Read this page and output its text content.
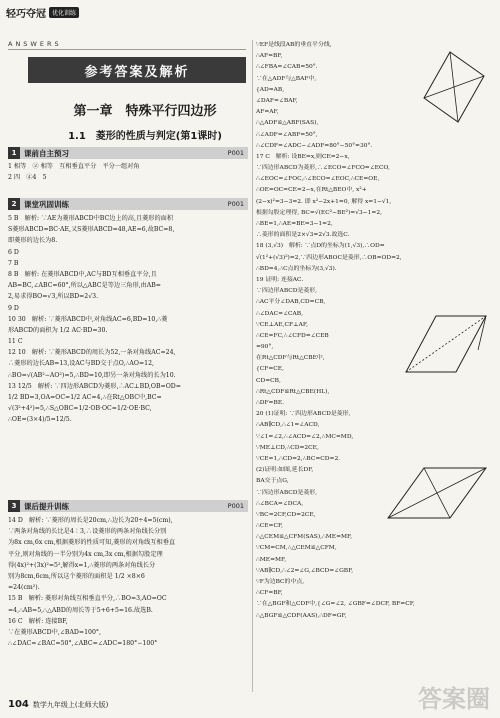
轻巧夺冠	优化训练
ANSWERS
参考答案及解析
第一章　特殊平行四边形
1.1　菱形的性质与判定(第1课时)
1	课前自主预习	P001
1 相等　② 相等　互相垂直平分　平分一组对角
2 四　④4　5
2	课堂巩固训练	P001
5 B　解析: ∵AE为菱形ABCD中BC边上的高,且菱形的面积
S菱形ABCD=BC·AE,又S菱形ABCD=48,AE=6,故BC=8,
即菱形的边长为8.
6 D
7 B
8 B　解析: 在菱形ABCD中,AC与BD互相垂直平分,且
AB=BC,∠ABC=60°,所以△ABC是等边三角形,由AB=
2,易求得BO=√3,所以BD=2√3.
9 D
10 30　解析: ∵菱形ABCD中,对角线AC=6,BD=10,∴菱
形ABCD的面积为 1/2 AC·BD=30.
11 C
12 10　解析: ∵菱形ABCD的周长为52,一条对角线AC=24,
∴菱形的边长AB=13,设AC与BD交于点O,∴AO=12,
∴BO=√(AB²−AO²)=5,∴BD=10,即另一条对角线的长为10.
13 12/5　解析: ∵四边形ABCD为菱形,∴AC⊥BD,OB=OD=
1/2 BD=3,OA=OC=1/2 AC=4,∴在Rt△OBC中,BC=
√(3²+4²)=5,∴S△OBC=1/2·OB·OC=1/2·OE·BC,
∴OE=(3×4)/5=12/5.
3	课后提升训练	P001
14 D　解析: ∵菱形的周长是20cm,∴边长为20÷4=5(cm),
∵两条对角线的长比是4∶3,∴设菱形的两条对角线长分别
为8x cm,6x cm,根据菱形的性质可知,菱形的对角线互相垂直
平分,则对角线的一半分别为4x cm,3x cm,根据勾股定理
得(4x)²+(3x)²=5²,解得x=1,∴菱形的两条对角线长分
别为8cm,6cm,所以这个菱形的面积是 1/2 ×8×6
=24(cm²).
15 B　解析: 菱形对角线互相垂直平分,∴BO=3,AO=OC
=4,∴AB=5,∴△ABD的周长等于5+6+5=16.故选B.
16 C　解析: 连接BF,
∵在菱形ABCD中,∠BAD=100°,
∴∠DAC=∠BAC=50°,∠ABC=∠ADC=180°−100°
∵EF是线段AB的垂直平分线,
∴AF=BF,
∴∠FBA=∠CAB=50°.
∵在△ADF与△BAF中,
{AD=AB,
∠DAF=∠BAF,
AF=AF,
∴△ADF≌△ABF(SAS),
∴∠ADF=∠ABF=50°,
∴∠CDF=∠ADC−∠ADF=80°−50°=30°.
17 C　解析: 设BE=x,则CE=2−x,
∵四边形ABCD为菱形,∴∠ECO=∠FCO=∠ECO,
∴∠EOC=∠FOC,∴∠ECO=∠EOC,∴CE=OE,
∴OE=OC=CE=2−x,在Rt△BEO中, x²+
(2−x)²=3−3=2. 即 x²−2x+1=0, 解得 x=1−√1,
根据勾股定理得, BC=√(EC²−BE²)=√3−1=2,
∴BE=1,∴AE=BE=3−1=2,
∴菱形的面积是2×√3=2√3.故选C.
18 (3,√3)　解析: ∵点D的坐标为(1,√3),∴OD=
√(1²+(√3)²)=2,∵四边形ABOC是菱形,∴OB=OD=2,
∴BD=4,∴C点的坐标为(3,√3).
19 证明: 连接AC.
∵四边形ABCD是菱形,
∴AC平分∠DAB,CD=CB,
∴∠DAC=∠CAB,
∵CE⊥AE,CF⊥AF,
∴CE=FC,∴∠CFD=∠CEB
=90°,
在Rt△CDF与Rt△CBE中,
{CF=CE,
CD=CB,
∴Rt△CDF≌Rt△CBE(HL),
∴DF=BE.
20 (1)证明: ∵四边形ABCD是菱形,
∴AB∥CD,∴∠1=∠ACD,
∵∠1=∠2,∴∠ACD=∠2,∴MC=MD,
∵ME⊥CD,∴CD=2CE,
∵CE=1,∴CD=2,∴BC=CD=2.
(2)证明:如图,延长DF,
BA交于点G,
∵四边形ABCD是菱形,
∴∠BCA=∠DCA,
∵BC=2CF,CD=2CE,
∴CE=CF,
∴△CEM≌△CFM(SAS),∴ME=MF,
∵CM=CM,∴△CEM≌△CFM,
∴ME=MF,
∵AB∥CD,∴∠2=∠G,∠BCD=∠GBF,
∵F为边BC的中点,
∴CF=BF,
∵在△BGF和△CDF中,{∠G=∠2, ∠GBF=∠DCF, BF=CF,
∴△BGF≌△CDF(AAS),∴DF=GF,
104 数学九年级上(北师大版)	答案圈
